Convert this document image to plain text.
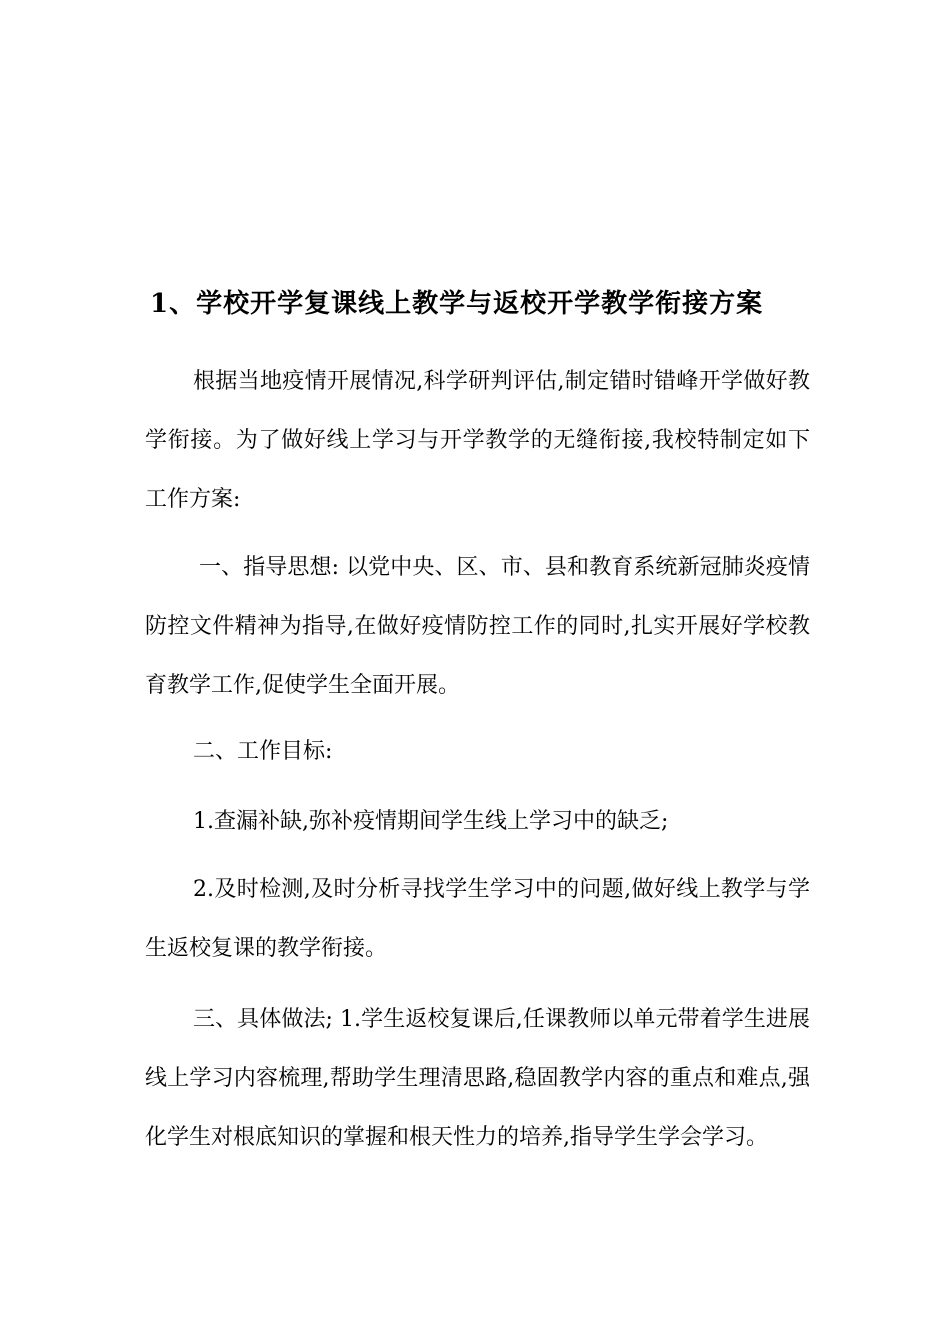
1、学校开学复课线上教学与返校开学教学衔接方案

根据当地疫情开展情况,科学研判评估,制定错时错峰开学做好教学衔接。为了做好线上学习与开学教学的无缝衔接,我校特制定如下工作方案:

一、指导思想: 以党中央、区、市、县和教育系统新冠肺炎疫情防控文件精神为指导,在做好疫情防控工作的同时,扎实开展好学校教育教学工作,促使学生全面开展。

二、工作目标:

1.查漏补缺,弥补疫情期间学生线上学习中的缺乏;

2.及时检测,及时分析寻找学生学习中的问题,做好线上教学与学生返校复课的教学衔接。

三、具体做法; 1.学生返校复课后,任课教师以单元带着学生进展线上学习内容梳理,帮助学生理清思路,稳固教学内容的重点和难点,强化学生对根底知识的掌握和根天性力的培养,指导学生学会学习。
